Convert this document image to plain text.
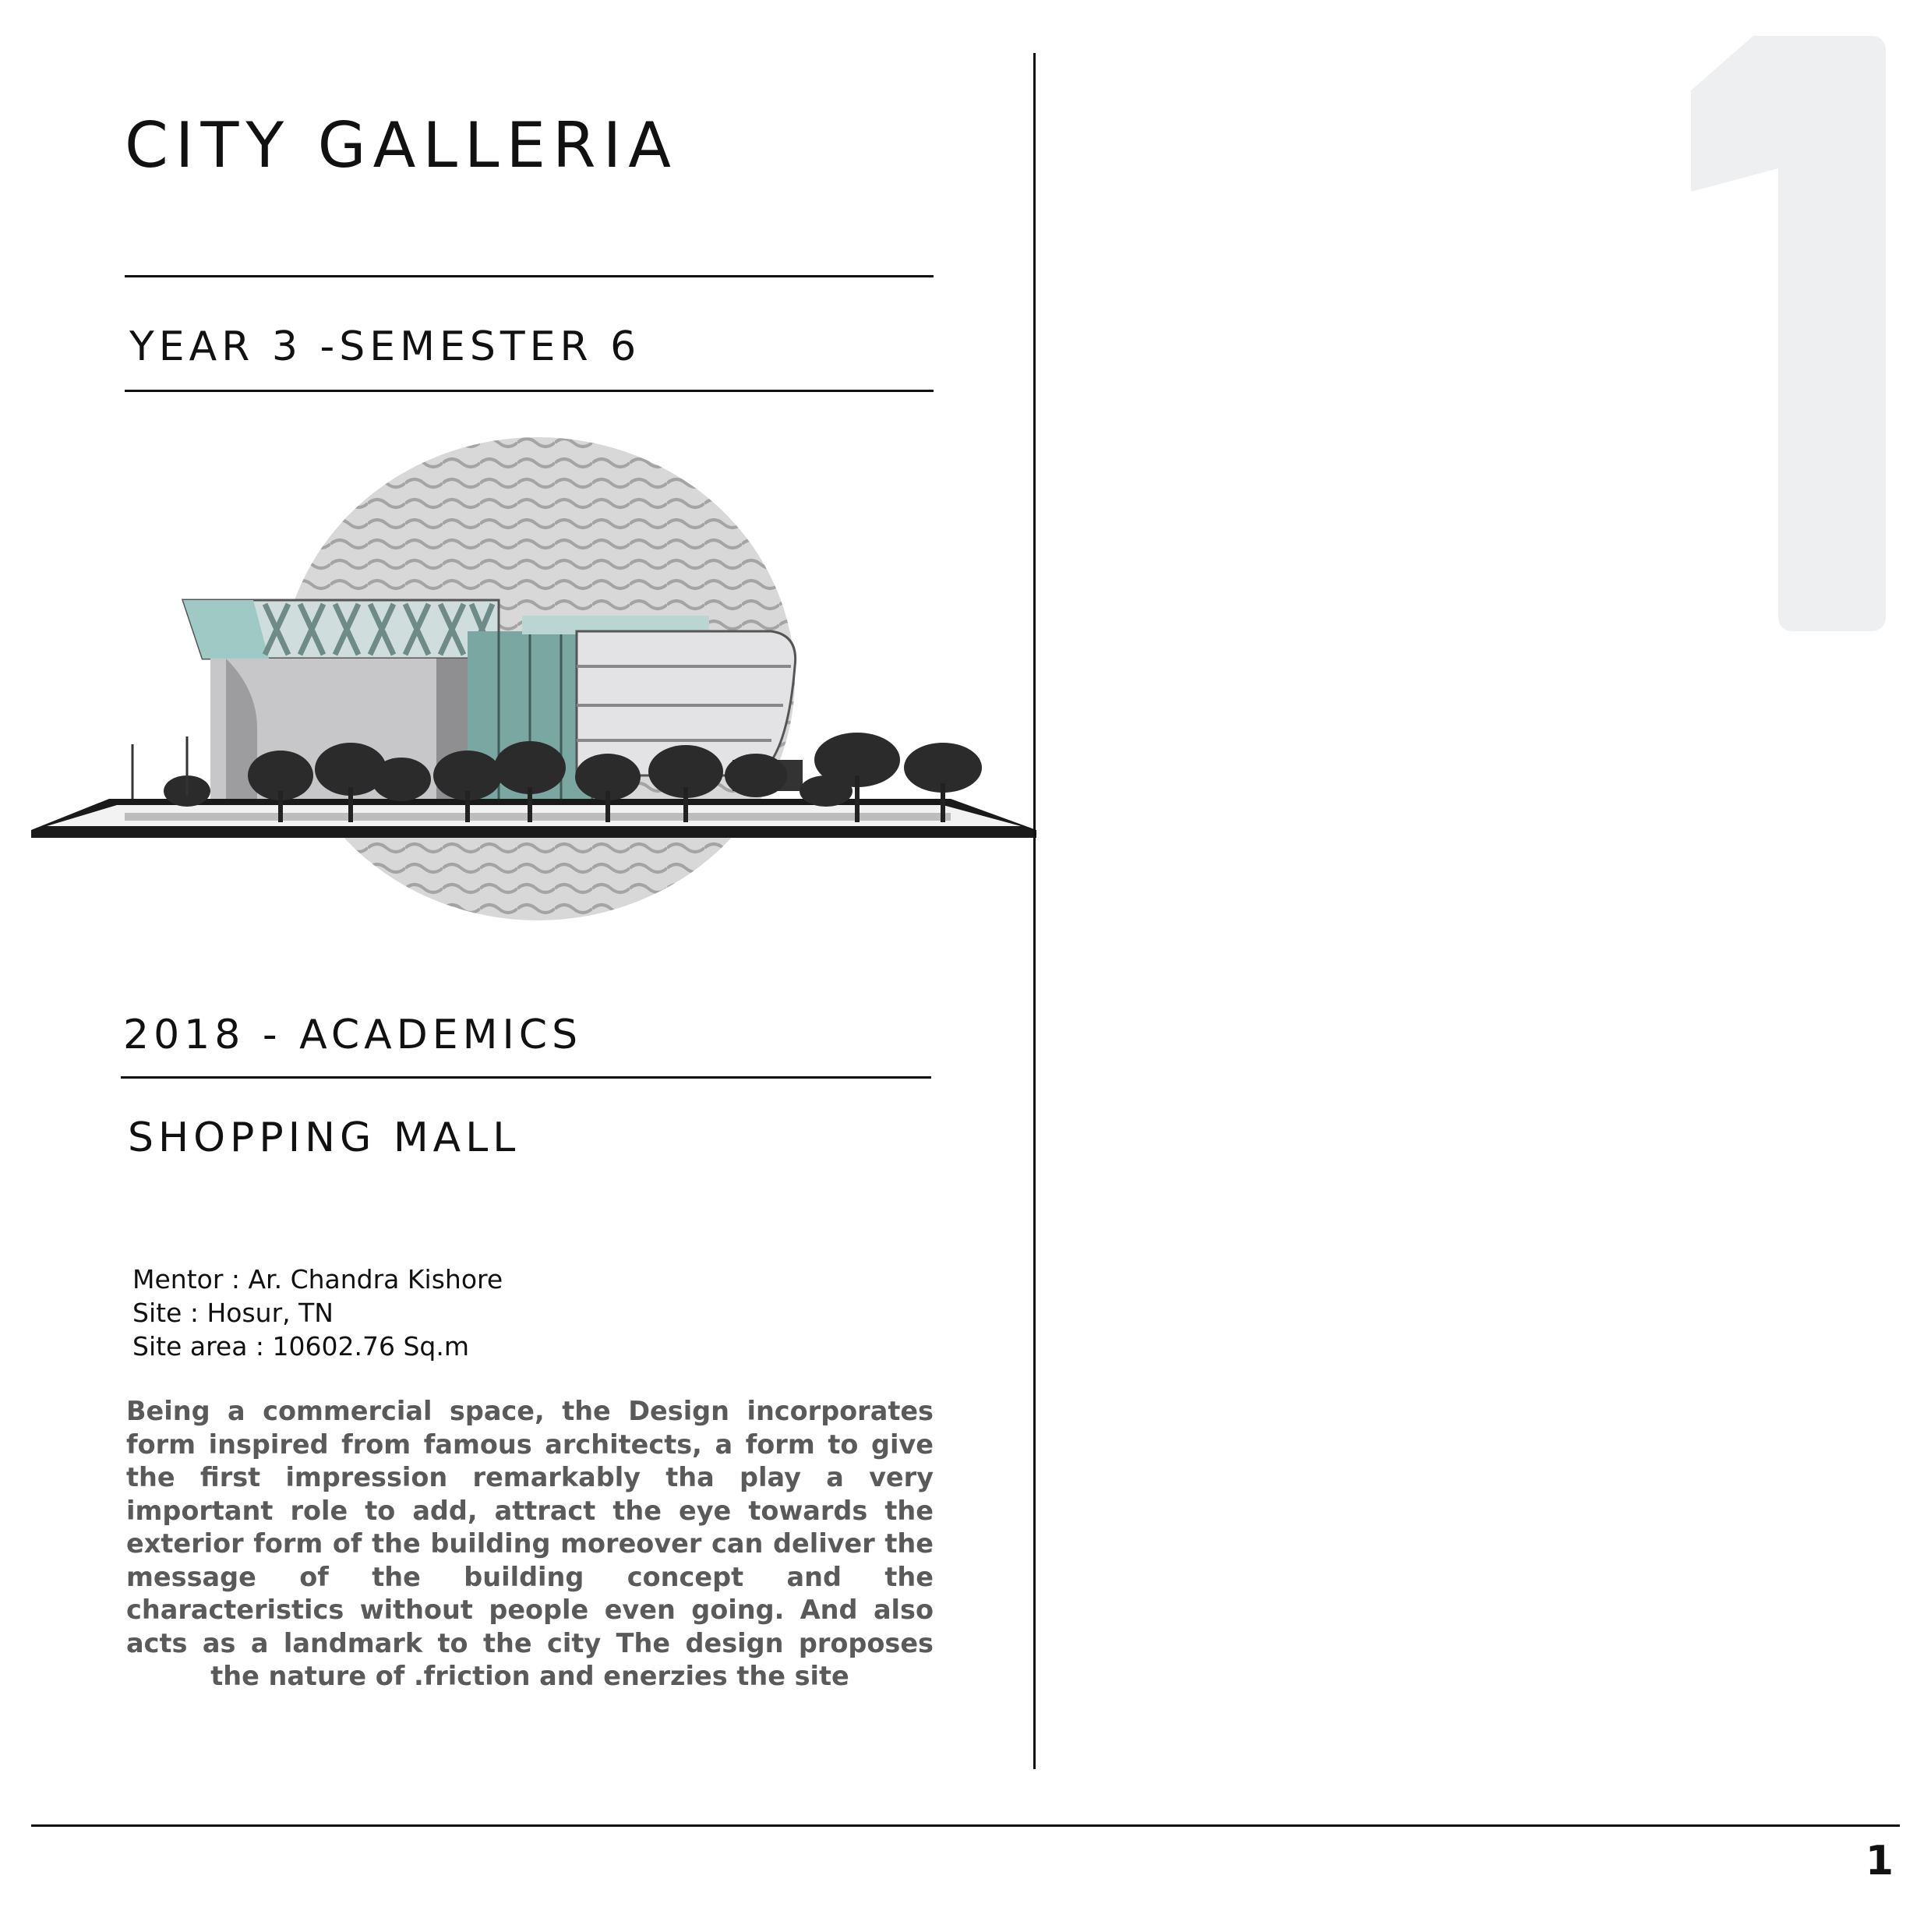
CITY GALLERIA
YEAR 3 -SEMESTER 6
2018 - ACADEMICS
SHOPPING MALL
Mentor : Ar. Chandra Kishore
Site : Hosur, TN
Site area : 10602.76 Sq.m
Being a commercial space, the Design incorporates form inspired from famous architects, a form to give the first impression remarkably tha play a very important role to add, attract the eye towards the exterior form of the building moreover can deliver the message of the building concept and the characteristics without people even going. And also acts as a landmark to the city The design proposes the nature of .friction and enerzies the site
1
